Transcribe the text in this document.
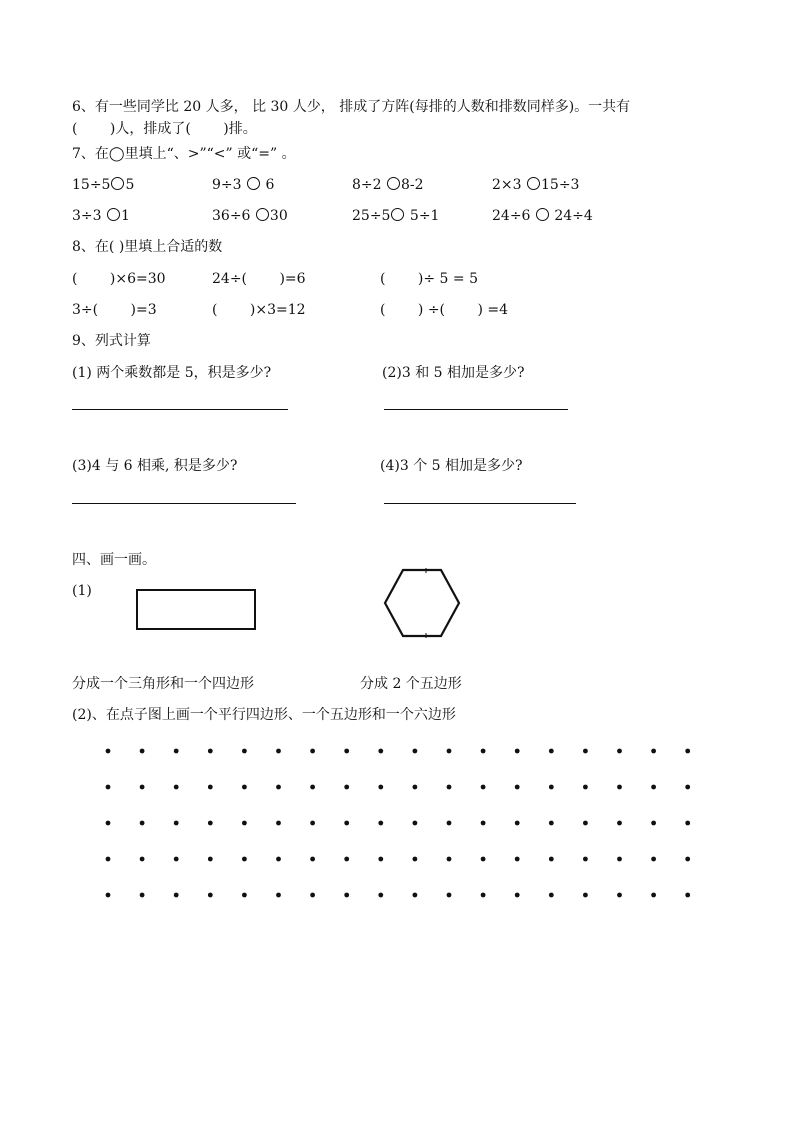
6、有一些同学比 20 人多， 比 30 人少， 排成了方阵(每排的人数和排数同样多)。一共有
(　　 )人，排成了(　　 )排。
7、在◯里填上“、>”“<” 或“=” 。
15÷5 5	9÷3 6	8÷2 8-2	2×3 15÷3
3÷3 1	36÷6 30	25÷5 5÷1	24÷6 24÷4
8、在( )里填上合适的数
(　　 )×6=30	24÷(　　 )=6	(　　 )÷ 5 = 5
3÷(　　 )=3	(　　 )×3=12	(　　 ) ÷(　　 ) =4
9、列式计算
(1) 两个乘数都是 5，积是多少?	(2)3 和 5 相加是多少?
(3)4 与 6 相乘, 积是多少?	(4)3 个 5 相加是多少?
四、画一画。
(1)
分成一个三角形和一个四边形	分成 2 个五边形
(2)、在点子图上画一个平行四边形、一个五边形和一个六边形
